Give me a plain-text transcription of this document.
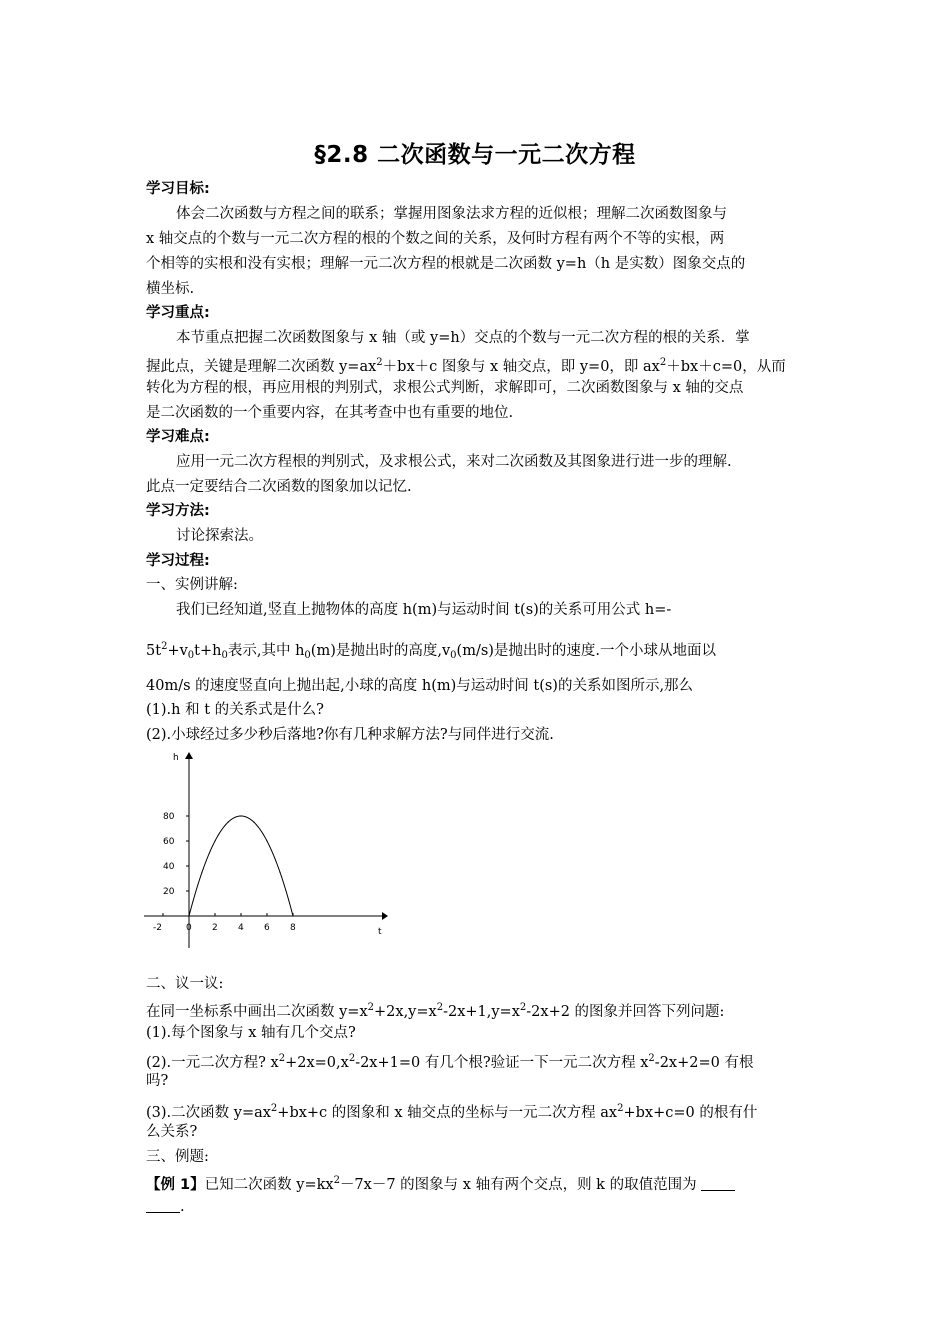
§2.8 二次函数与一元二次方程
学习目标:
体会二次函数与方程之间的联系；掌握用图象法求方程的近似根；理解二次函数图象与
x 轴交点的个数与一元二次方程的根的个数之间的关系，及何时方程有两个不等的实根，两
个相等的实根和没有实根；理解一元二次方程的根就是二次函数 y=h（h 是实数）图象交点的
横坐标.
学习重点:
本节重点把握二次函数图象与 x 轴（或 y=h）交点的个数与一元二次方程的根的关系．掌
握此点，关键是理解二次函数 $y=ax^2+bx+c$ 图象与 x 轴交点，即 y=0，即 $ax^2+bx+c=0$，从而
转化为方程的根，再应用根的判别式，求根公式判断，求解即可，二次函数图象与 x 轴的交点
是二次函数的一个重要内容，在其考查中也有重要的地位.
学习难点:
应用一元二次方程根的判别式，及求根公式，来对二次函数及其图象进行进一步的理解.
此点一定要结合二次函数的图象加以记忆.
学习方法:
讨论探索法。
学习过程:
一、实例讲解:
我们已经知道,竖直上抛物体的高度 h(m)与运动时间 t(s)的关系可用公式 h=-
$5t^2+v_0t+h_0$表示,其中 $h_0(m)$是抛出时的高度$,v_0(m/s)$是抛出时的速度.一个小球从地面以
40m/s 的速度竖直向上抛出起,小球的高度 h(m)与运动时间 t(s)的关系如图所示,那么
(1).h 和 t 的关系式是什么?
(2).小球经过多少秒后落地?你有几种求解方法?与同伴进行交流.
t
h
-2	0 2 4 6 8
20
40
60
80
二、议一议:
在同一坐标系中画出二次函数 $y=x^2+2x,y=x^2-2x+1,y=x^2-2x+2$ 的图象并回答下列问题:
(1).每个图象与 x 轴有几个交点?
(2).一元二次方程? $x^2+2x=0,x^2-2x+1=0$ 有几个根?验证一下一元二次方程 $x^2-2x+2=0$ 有根
吗?
(3).二次函数 $y=ax^2+bx+c$ 的图象和 x 轴交点的坐标与一元二次方程 $ax^2+bx+c=0$ 的根有什
么关系?
三、例题:
【例 1】已知二次函数 $y=kx^2-7x-7$ 的图象与 x 轴有两个交点，则 k 的取值范围为
.
